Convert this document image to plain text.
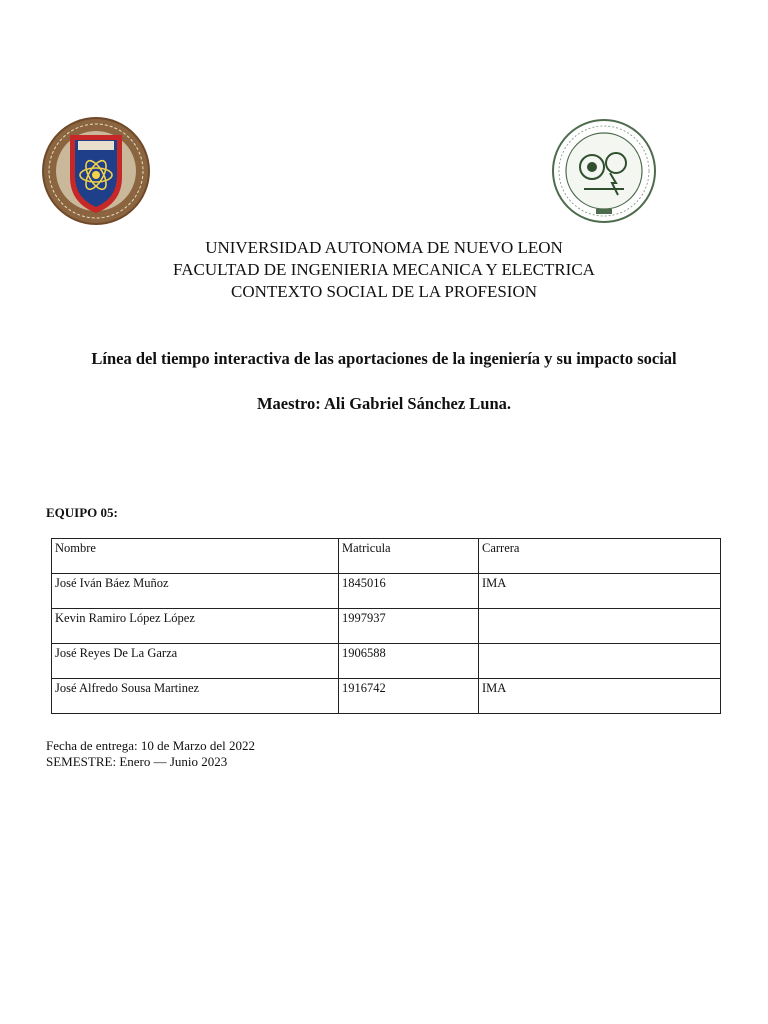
UNIVERSIDAD AUTONOMA DE NUEVO LEON
FACULTAD DE INGENIERIA MECANICA Y ELECTRICA
CONTEXTO SOCIAL DE LA PROFESION
Línea del tiempo interactiva de las aportaciones de la ingeniería y su impacto social
Maestro: Ali Gabriel Sánchez Luna.
EQUIPO 05:
Nombre	Matricula	Carrera
José Iván Báez Muñoz	1845016	IMA
Kevin Ramiro López López	1997937	
José Reyes De La Garza	1906588	
José Alfredo Sousa Martinez	1916742	IMA
Fecha de entrega: 10 de Marzo del 2022
SEMESTRE: Enero — Junio 2023
